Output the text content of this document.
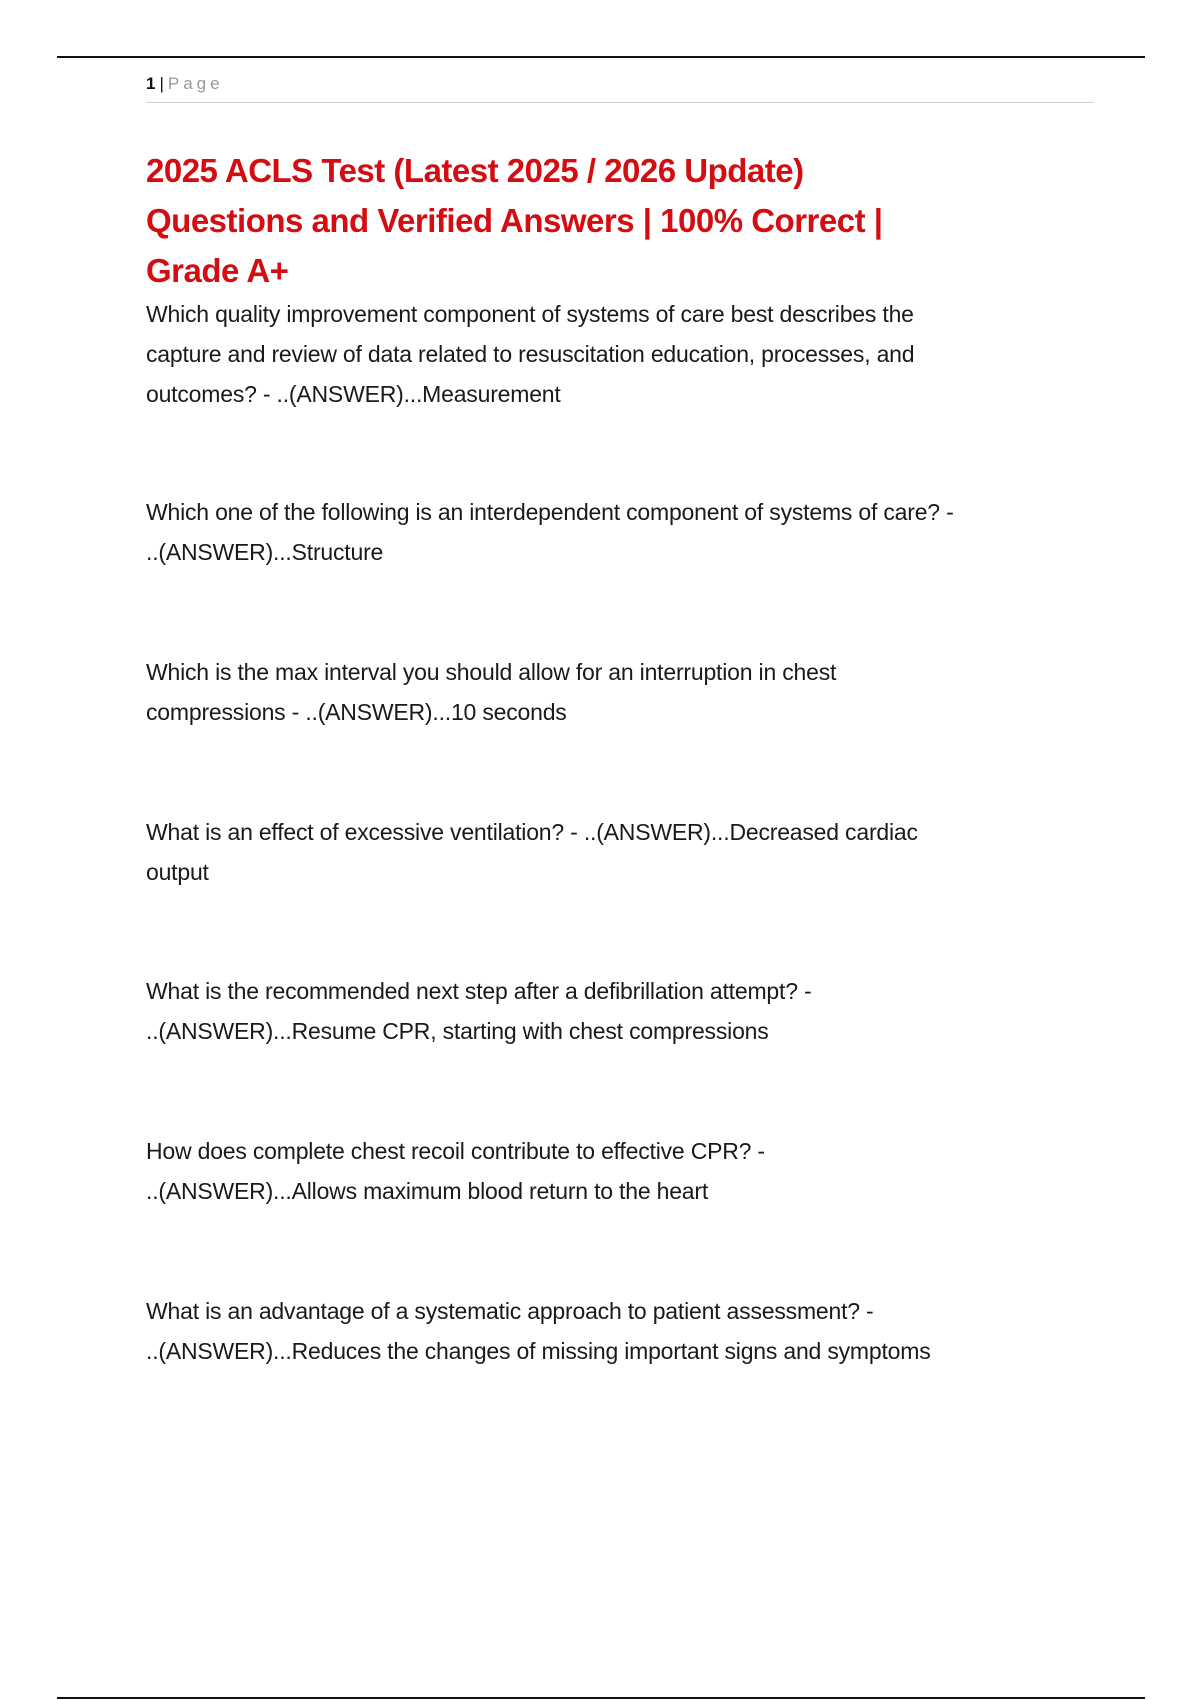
1 | Page
2025 ACLS Test (Latest 2025 / 2026 Update)
Questions and Verified Answers | 100% Correct |
Grade A+
Which quality improvement component of systems of care best describes the
capture and review of data related to resuscitation education, processes, and
outcomes? - ..(ANSWER)...Measurement
Which one of the following is an interdependent component of systems of care? -
..(ANSWER)...Structure
Which is the max interval you should allow for an interruption in chest
compressions - ..(ANSWER)...10 seconds
What is an effect of excessive ventilation? - ..(ANSWER)...Decreased cardiac
output
What is the recommended next step after a defibrillation attempt? -
..(ANSWER)...Resume CPR, starting with chest compressions
How does complete chest recoil contribute to effective CPR? -
..(ANSWER)...Allows maximum blood return to the heart
What is an advantage of a systematic approach to patient assessment? -
..(ANSWER)...Reduces the changes of missing important signs and symptoms
